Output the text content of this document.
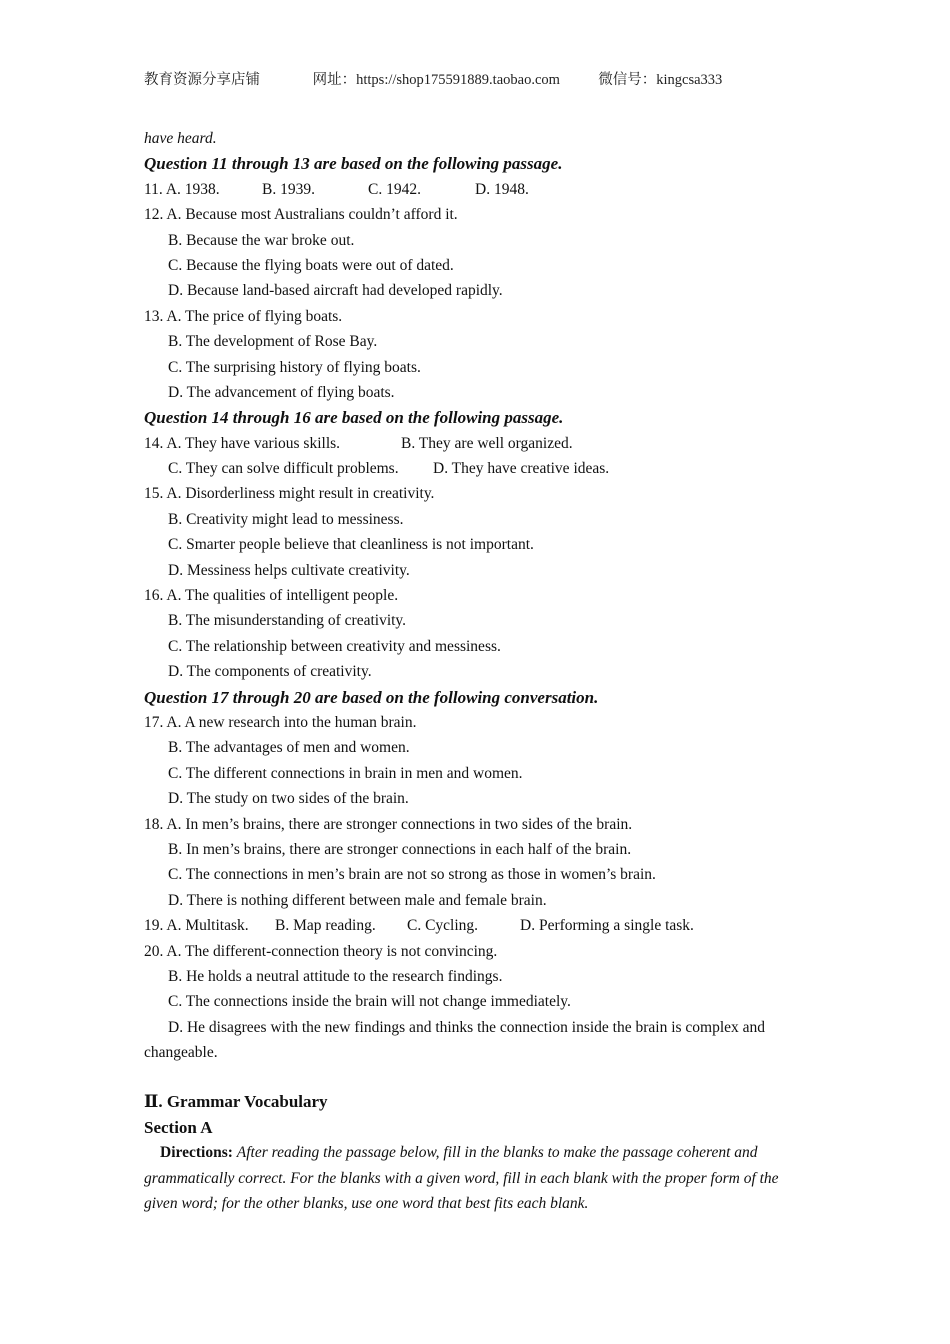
教育资源分享店铺	网址：https://shop175591889.taobao.com	微信号：kingcsa333
have heard.
Question 11 through 13 are based on the following passage.
11. A. 1938.	B. 1939.	C. 1942.	D. 1948.
12. A. Because most Australians couldn’t afford it.
B. Because the war broke out.
C. Because the flying boats were out of dated.
D. Because land-based aircraft had developed rapidly.
13. A. The price of flying boats.
B. The development of Rose Bay.
C. The surprising history of flying boats.
D. The advancement of flying boats.
Question 14 through 16 are based on the following passage.
14. A. They have various skills.	B. They are well organized.
C. They can solve difficult problems. D. They have creative ideas.
15. A. Disorderliness might result in creativity.
B. Creativity might lead to messiness.
C. Smarter people believe that cleanliness is not important.
D. Messiness helps cultivate creativity.
16. A. The qualities of intelligent people.
B. The misunderstanding of creativity.
C. The relationship between creativity and messiness.
D. The components of creativity.
Question 17 through 20 are based on the following conversation.
17. A. A new research into the human brain.
B. The advantages of men and women.
C. The different connections in brain in men and women.
D. The study on two sides of the brain.
18. A. In men’s brains, there are stronger connections in two sides of the brain.
B. In men’s brains, there are stronger connections in each half of the brain.
C. The connections in men’s brain are not so strong as those in women’s brain.
D. There is nothing different between male and female brain.
19. A. Multitask. B. Map reading. C. Cycling.	D. Performing a single task.
20. A. The different-connection theory is not convincing.
B. He holds a neutral attitude to the research findings.
C. The connections inside the brain will not change immediately.
D. He disagrees with the new findings and thinks the connection inside the brain is complex and
changeable.
Ⅱ. Grammar Vocabulary
Section A
Directions: After reading the passage below, fill in the blanks to make the passage coherent and grammatically correct. For the blanks with a given word, fill in each blank with the proper form of the given word; for the other blanks, use one word that best fits each blank.
